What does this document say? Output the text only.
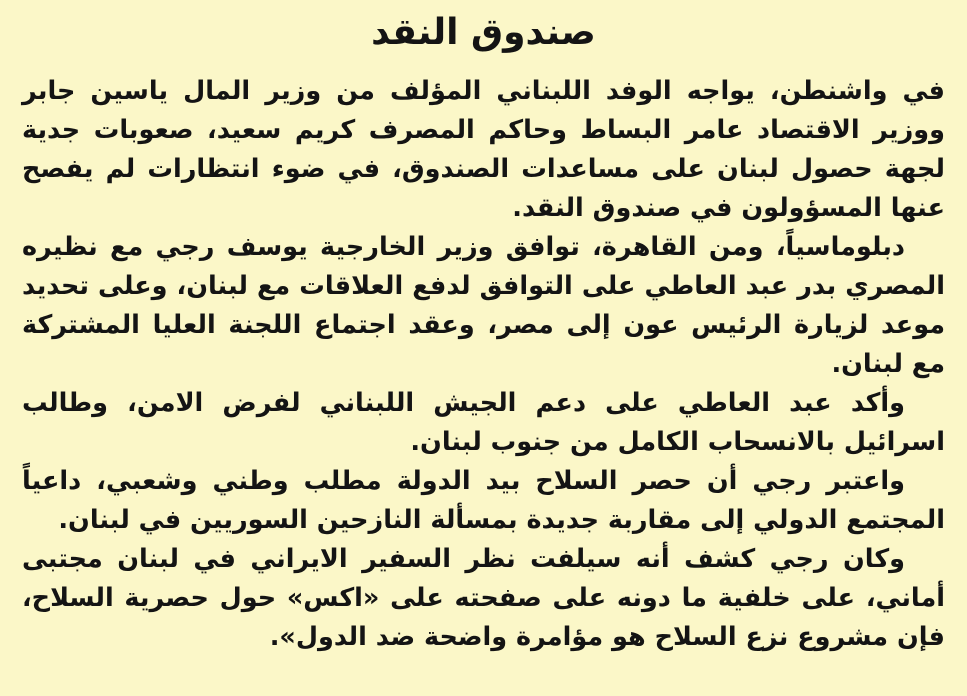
صندوق النقد

في واشنطن، يواجه الوفد اللبناني المؤلف من وزير المال ياسين جابر ووزير الاقتصاد عامر البساط وحاكم المصرف كريم سعيد، صعوبات جدية لجهة حصول لبنان على مساعدات الصندوق، في ضوء انتظارات لم يفصح عنها المسؤولون في صندوق النقد.

دبلوماسياً، ومن القاهرة، توافق وزير الخارجية يوسف رجي مع نظيره المصري بدر عبد العاطي على التوافق لدفع العلاقات مع لبنان، وعلى تحديد موعد لزيارة الرئيس عون إلى مصر، وعقد اجتماع اللجنة العليا المشتركة مع لبنان.

وأكد عبد العاطي على دعم الجيش اللبناني لفرض الامن، وطالب اسرائيل بالانسحاب الكامل من جنوب لبنان.

واعتبر رجي أن حصر السلاح بيد الدولة مطلب وطني وشعبي، داعياً المجتمع الدولي إلى مقاربة جديدة بمسألة النازحين السوريين في لبنان.

وكان رجي كشف أنه سيلفت نظر السفير الايراني في لبنان مجتبى أماني، على خلفية ما دونه على صفحته على «اكس» حول حصرية السلاح، فإن مشروع نزع السلاح هو مؤامرة واضحة ضد الدول».
